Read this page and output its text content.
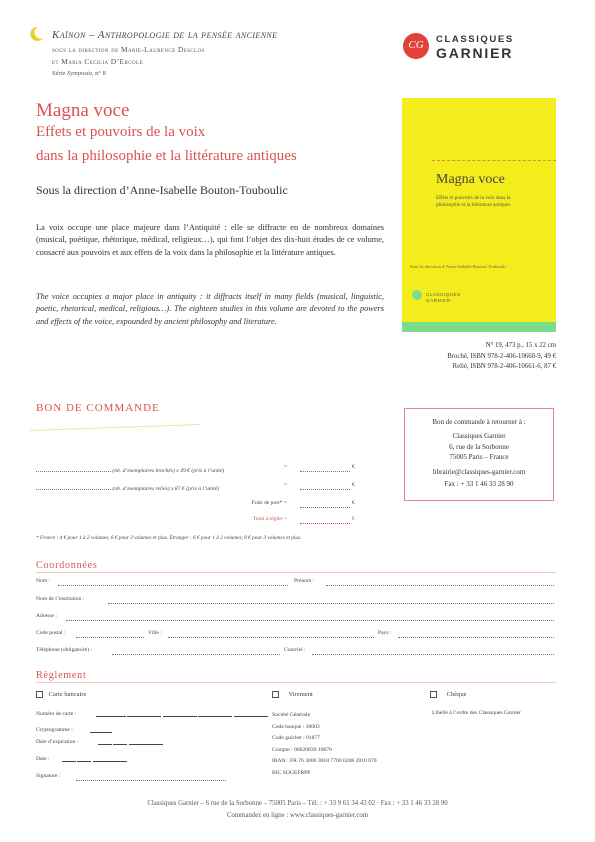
Kaïnon – Anthropologie de la pensée ancienne
sous la direction de Marie-Laurence Desclos
et Maria Cecilia D’Ercole
Série Symposia, n° 8
CG	CLASSIQUES
GARNIER
Magna voce
Effets et pouvoirs de la voix
dans la philosophie et la littérature antiques
Sous la direction d’Anne-Isabelle Bouton-Touboulic
La voix occupe une place majeure dans l’Antiquité : elle se diffracte en de nombreux domaines (musical, poétique, rhétorique, médical, religieux…), qui font l’objet des dix-huit études de ce volume, consacré aux pouvoirs et aux effets de la voix dans la philosophie et la littérature antiques.
The voice occupies a major place in antiquity : it diffracts itself in many fields (musical, linguistic, poetic, rhetorical, medical, religious…). The eighteen studies in this volume are devoted to the powers and effects of the voice, expounded by ancient philosophy and literature.
Magna voce
Effets et pouvoirs de la voix dans la philosophie et la littérature antiques
Sous la direction d’Anne-Isabelle Bouton-Touboulic
CLASSIQUES GARNIER
N° 19, 473 p., 15 x 22 cm
Broché, ISBN 978-2-406-10660-9, 49 €
Relié, ISBN 978-2-406-10661-6, 87 €
BON DE COMMANDE
(nb. d’exemplaires brochés) x 49 € (prix à l’unité)
=	€
(nb. d’exemplaires reliés) x 87 € (prix à l’unité)
=	€
Frais de port* =	€
Total à régler =	€
Bon de commande à retourner à :
Classiques Garnier
6, rue de la Sorbonne
75005 Paris – France
librairie@classiques-garnier.com
Fax : + 33 1 46 33 28 90
* France : 4 € pour 1 à 2 volumes, 6 € pour 3 volumes et plus. Étranger : 6 € pour 1 à 2 volumes, 9 € pour 3 volumes et plus.
Coordonnées
Nom :	Prénom :
Nom de l’institution :
Adresse :
Code postal :	Ville :	Pays :
Téléphone (obligatoire) :	Courriel :
Règlement
Carte bancaire
Numéro de carte :

Cryptogramme :
Date d’expiration :

Date :

Signature :
Virement
Société Générale
Code banque : 30003
Code guichet : 01877
Compte : 00020839 10870
IBAN : FR 76 3000 3018 7700 0208 3910 870
BIC SOGEFRPP
Chèque
Libellé à l’ordre des Classiques Garnier
Classiques Garnier – 6 rue de la Sorbonne – 75005 Paris – Tél. : + 33 9 61 34 43 02 · Fax : + 33 1 46 33 28 90
Commandez en ligne : www.classiques-garnier.com
